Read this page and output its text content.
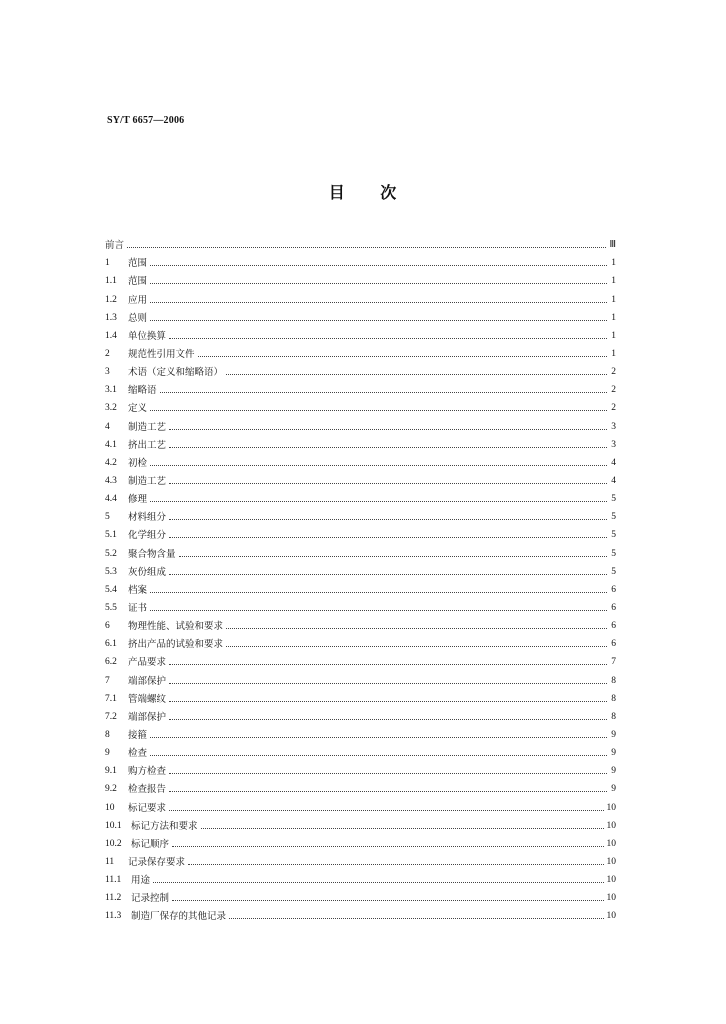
SY/T 6657—2006
目 次
前言	Ⅲ
1	范围	1
1.1	范围	1
1.2	应用	1
1.3	总则	1
1.4	单位换算	1
2	规范性引用文件	1
3	术语（定义和缩略语）	2
3.1	缩略语	2
3.2	定义	2
4	制造工艺	3
4.1	挤出工艺	3
4.2	初检	4
4.3	制造工艺	4
4.4	修理	5
5	材料组分	5
5.1	化学组分	5
5.2	聚合物含量	5
5.3	灰份组成	5
5.4	档案	6
5.5	证书	6
6	物理性能、试验和要求	6
6.1	挤出产品的试验和要求	6
6.2	产品要求	7
7	端部保护	8
7.1	管端螺纹	8
7.2	端部保护	8
8	接箍	9
9	检查	9
9.1	购方检查	9
9.2	检查报告	9
10	标记要求	10
10.1 标记方法和要求	10
10.2 标记顺序	10
11	记录保存要求	10
11.1	用途	10
11.2	记录控制	10
11.3	制造厂保存的其他记录	10
